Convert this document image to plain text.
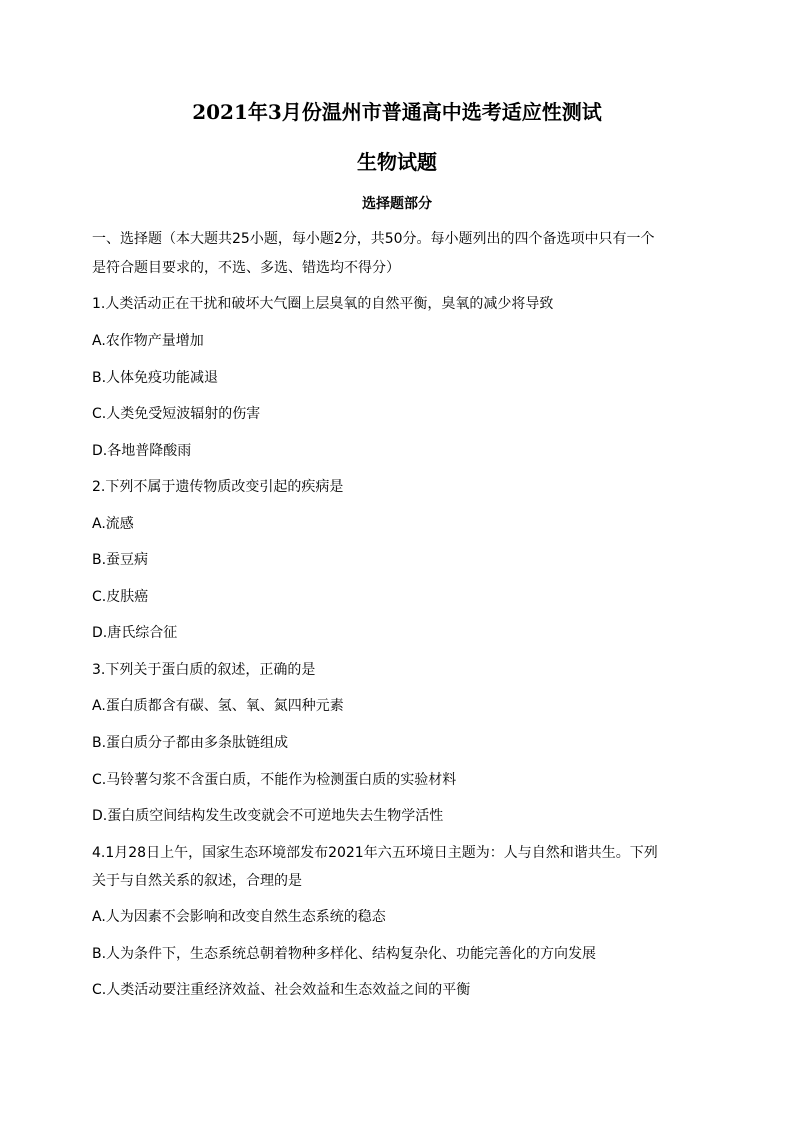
2021年3月份温州市普通高中选考适应性测试
生物试题
选择题部分
一、选择题（本大题共25小题，每小题2分，共50分。每小题列出的四个备选项中只有一个
是符合题目要求的，不选、多选、错选均不得分）
1.人类活动正在干扰和破坏大气圈上层臭氧的自然平衡，臭氧的减少将导致
A.农作物产量增加
B.人体免疫功能减退
C.人类免受短波辐射的伤害
D.各地普降酸雨
2.下列不属于遗传物质改变引起的疾病是
A.流感
B.蚕豆病
C.皮肤癌
D.唐氏综合征
3.下列关于蛋白质的叙述，正确的是
A.蛋白质都含有碳、氢、氧、氮四种元素
B.蛋白质分子都由多条肽链组成
C.马铃薯匀浆不含蛋白质，不能作为检测蛋白质的实验材料
D.蛋白质空间结构发生改变就会不可逆地失去生物学活性
4.1月28日上午，国家生态环境部发布2021年六五环境日主题为：人与自然和谐共生。下列
关于与自然关系的叙述，合理的是
A.人为因素不会影响和改变自然生态系统的稳态
B.人为条件下，生态系统总朝着物种多样化、结构复杂化、功能完善化的方向发展
C.人类活动要注重经济效益、社会效益和生态效益之间的平衡
